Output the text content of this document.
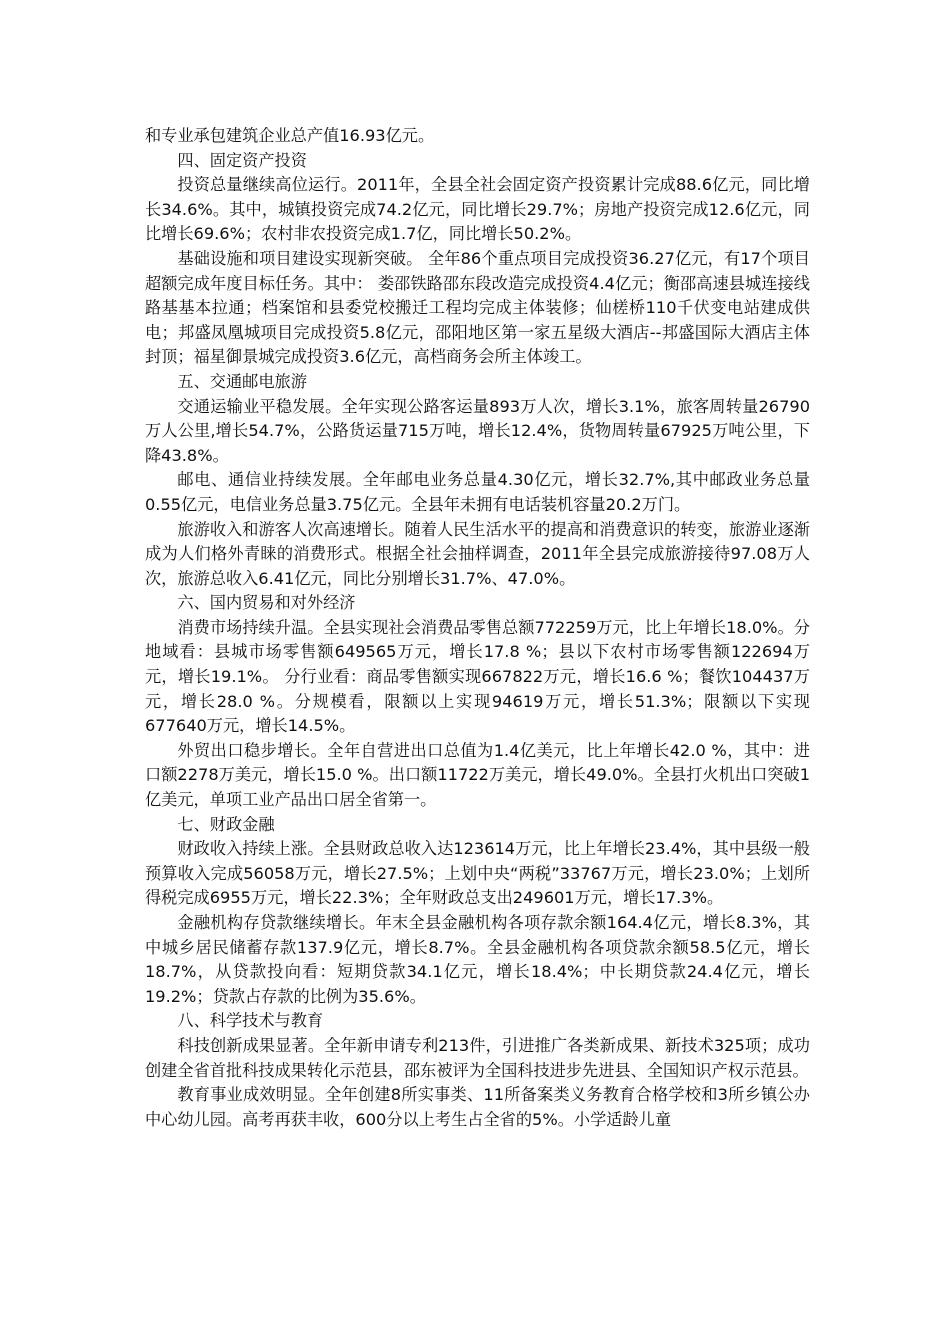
和专业承包建筑企业总产值16.93亿元。

四、固定资产投资

投资总量继续高位运行。2011年，全县全社会固定资产投资累计完成88.6亿元，同比增长34.6%。其中，城镇投资完成74.2亿元，同比增长29.7%；房地产投资完成12.6亿元，同比增长69.6%；农村非农投资完成1.7亿，同比增长50.2%。

基础设施和项目建设实现新突破。 全年86个重点项目完成投资36.27亿元，有17个项目超额完成年度目标任务。其中： 娄邵铁路邵东段改造完成投资4.4亿元；衡邵高速县城连接线路基基本拉通；档案馆和县委党校搬迁工程均完成主体装修；仙槎桥110千伏变电站建成供电；邦盛凤凰城项目完成投资5.8亿元，邵阳地区第一家五星级大酒店--邦盛国际大酒店主体封顶；福星御景城完成投资3.6亿元，高档商务会所主体竣工。

五、交通邮电旅游

交通运输业平稳发展。全年实现公路客运量893万人次，增长3.1%，旅客周转量26790万人公里,增长54.7%，公路货运量715万吨，增长12.4%，货物周转量67925万吨公里，下降43.8%。

邮电、通信业持续发展。全年邮电业务总量4.30亿元，增长32.7%,其中邮政业务总量0.55亿元，电信业务总量3.75亿元。全县年未拥有电话装机容量20.2万门。

旅游收入和游客人次高速增长。随着人民生活水平的提高和消费意识的转变，旅游业逐渐成为人们格外青睐的消费形式。根据全社会抽样调查，2011年全县完成旅游接待97.08万人次，旅游总收入6.41亿元，同比分别增长31.7%、47.0%。

六、国内贸易和对外经济

消费市场持续升温。全县实现社会消费品零售总额772259万元，比上年增长18.0%。分地域看：县城市场零售额649565万元，增长17.8 %；县以下农村市场零售额122694万元，增长19.1%。 分行业看：商品零售额实现667822万元，增长16.6 %；餐饮104437万元，增长28.0 %。分规模看，限额以上实现94619万元，增长51.3%；限额以下实现677640万元，增长14.5%。

外贸出口稳步增长。全年自营进出口总值为1.4亿美元，比上年增长42.0 %，其中：进口额2278万美元，增长15.0 %。出口额11722万美元，增长49.0%。全县打火机出口突破1亿美元，单项工业产品出口居全省第一。

七、财政金融

财政收入持续上涨。全县财政总收入达123614万元，比上年增长23.4%，其中县级一般预算收入完成56058万元，增长27.5%；上划中央“两税”33767万元，增长23.0%；上划所得税完成6955万元，增长22.3%；全年财政总支出249601万元，增长17.3%。

金融机构存贷款继续增长。年末全县金融机构各项存款余额164.4亿元，增长8.3%，其中城乡居民储蓄存款137.9亿元，增长8.7%。全县金融机构各项贷款余额58.5亿元，增长18.7%，从贷款投向看：短期贷款34.1亿元，增长18.4%；中长期贷款24.4亿元，增长19.2%；贷款占存款的比例为35.6%。

八、科学技术与教育

科技创新成果显著。全年新申请专利213件，引进推广各类新成果、新技术325项；成功创建全省首批科技成果转化示范县，邵东被评为全国科技进步先进县、全国知识产权示范县。

教育事业成效明显。全年创建8所实事类、11所备案类义务教育合格学校和3所乡镇公办中心幼儿园。高考再获丰收，600分以上考生占全省的5%。小学适龄儿童
